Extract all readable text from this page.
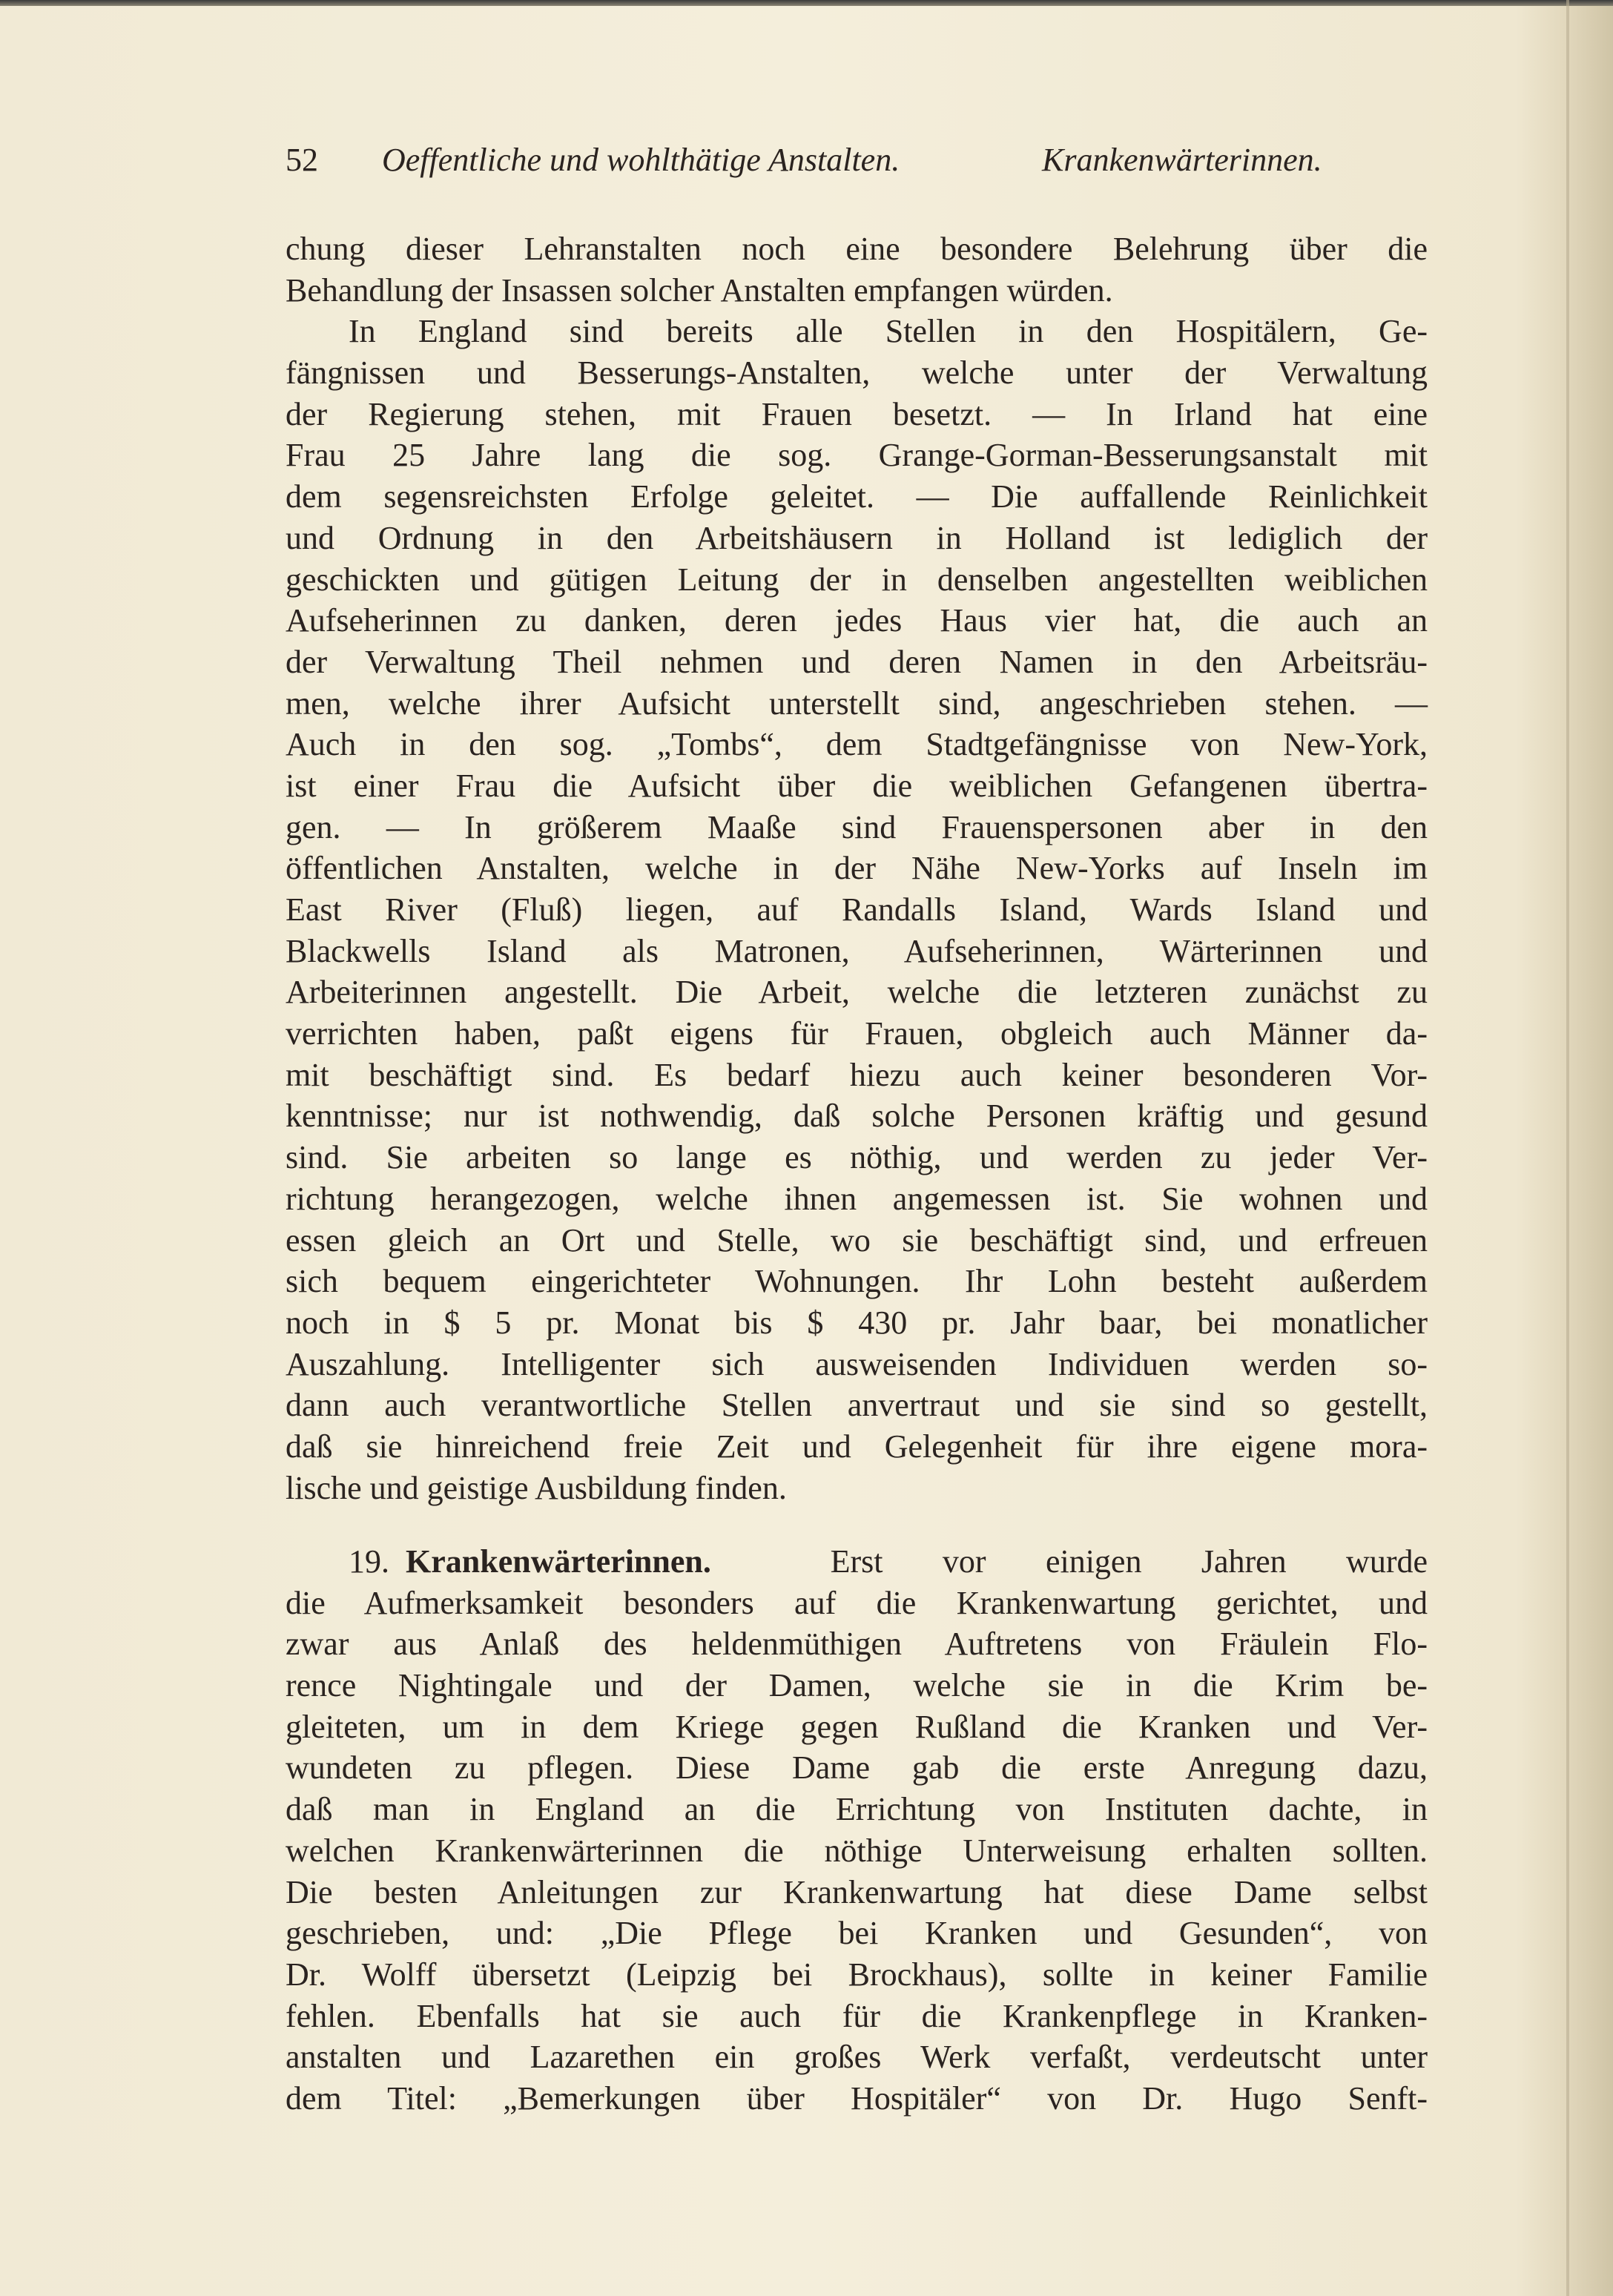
52 Oeffentliche und wohlthätige Anstalten.	Krankenwärterinnen.
chung dieser Lehranstalten noch eine besondere Belehrung über die
Behandlung der Insassen solcher Anstalten empfangen würden.
In England sind bereits alle Stellen in den Hospitälern, Ge-
fängnissen und Besserungs-Anstalten, welche unter der Verwaltung
der Regierung stehen, mit Frauen besetzt. — In Irland hat eine
Frau 25 Jahre lang die sog. Grange-Gorman-Besserungsanstalt mit
dem segensreichsten Erfolge geleitet. — Die auffallende Reinlichkeit
und Ordnung in den Arbeitshäusern in Holland ist lediglich der
geschickten und gütigen Leitung der in denselben angestellten weiblichen
Aufseherinnen zu danken, deren jedes Haus vier hat, die auch an
der Verwaltung Theil nehmen und deren Namen in den Arbeitsräu-
men, welche ihrer Aufsicht unterstellt sind, angeschrieben stehen. —
Auch in den sog. „Tombs“, dem Stadtgefängnisse von New-York,
ist einer Frau die Aufsicht über die weiblichen Gefangenen übertra-
gen. — In größerem Maaße sind Frauenspersonen aber in den
öffentlichen Anstalten, welche in der Nähe New-Yorks auf Inseln im
East River (Fluß) liegen, auf Randalls Island, Wards Island und
Blackwells Island als Matronen, Aufseherinnen, Wärterinnen und
Arbeiterinnen angestellt. Die Arbeit, welche die letzteren zunächst zu
verrichten haben, paßt eigens für Frauen, obgleich auch Männer da-
mit beschäftigt sind. Es bedarf hiezu auch keiner besonderen Vor-
kenntnisse; nur ist nothwendig, daß solche Personen kräftig und gesund
sind. Sie arbeiten so lange es nöthig, und werden zu jeder Ver-
richtung herangezogen, welche ihnen angemessen ist. Sie wohnen und
essen gleich an Ort und Stelle, wo sie beschäftigt sind, und erfreuen
sich bequem eingerichteter Wohnungen. Ihr Lohn besteht außerdem
noch in $ 5 pr. Monat bis $ 430 pr. Jahr baar, bei monatlicher
Auszahlung. Intelligenter sich ausweisenden Individuen werden so-
dann auch verantwortliche Stellen anvertraut und sie sind so gestellt,
daß sie hinreichend freie Zeit und Gelegenheit für ihre eigene mora-
lische und geistige Ausbildung finden.
19. Krankenwärterinnen.	Erst vor einigen Jahren wurde
die Aufmerksamkeit besonders auf die Krankenwartung gerichtet, und
zwar aus Anlaß des heldenmüthigen Auftretens von Fräulein Flo-
rence Nightingale und der Damen, welche sie in die Krim be-
gleiteten, um in dem Kriege gegen Rußland die Kranken und Ver-
wundeten zu pflegen. Diese Dame gab die erste Anregung dazu,
daß man in England an die Errichtung von Instituten dachte, in
welchen Krankenwärterinnen die nöthige Unterweisung erhalten sollten.
Die besten Anleitungen zur Krankenwartung hat diese Dame selbst
geschrieben, und: „Die Pflege bei Kranken und Gesunden“, von
Dr. Wolff übersetzt (Leipzig bei Brockhaus), sollte in keiner Familie
fehlen. Ebenfalls hat sie auch für die Krankenpflege in Kranken-
anstalten und Lazarethen ein großes Werk verfaßt, verdeutscht unter
dem Titel: „Bemerkungen über Hospitäler“ von Dr. Hugo Senft-
